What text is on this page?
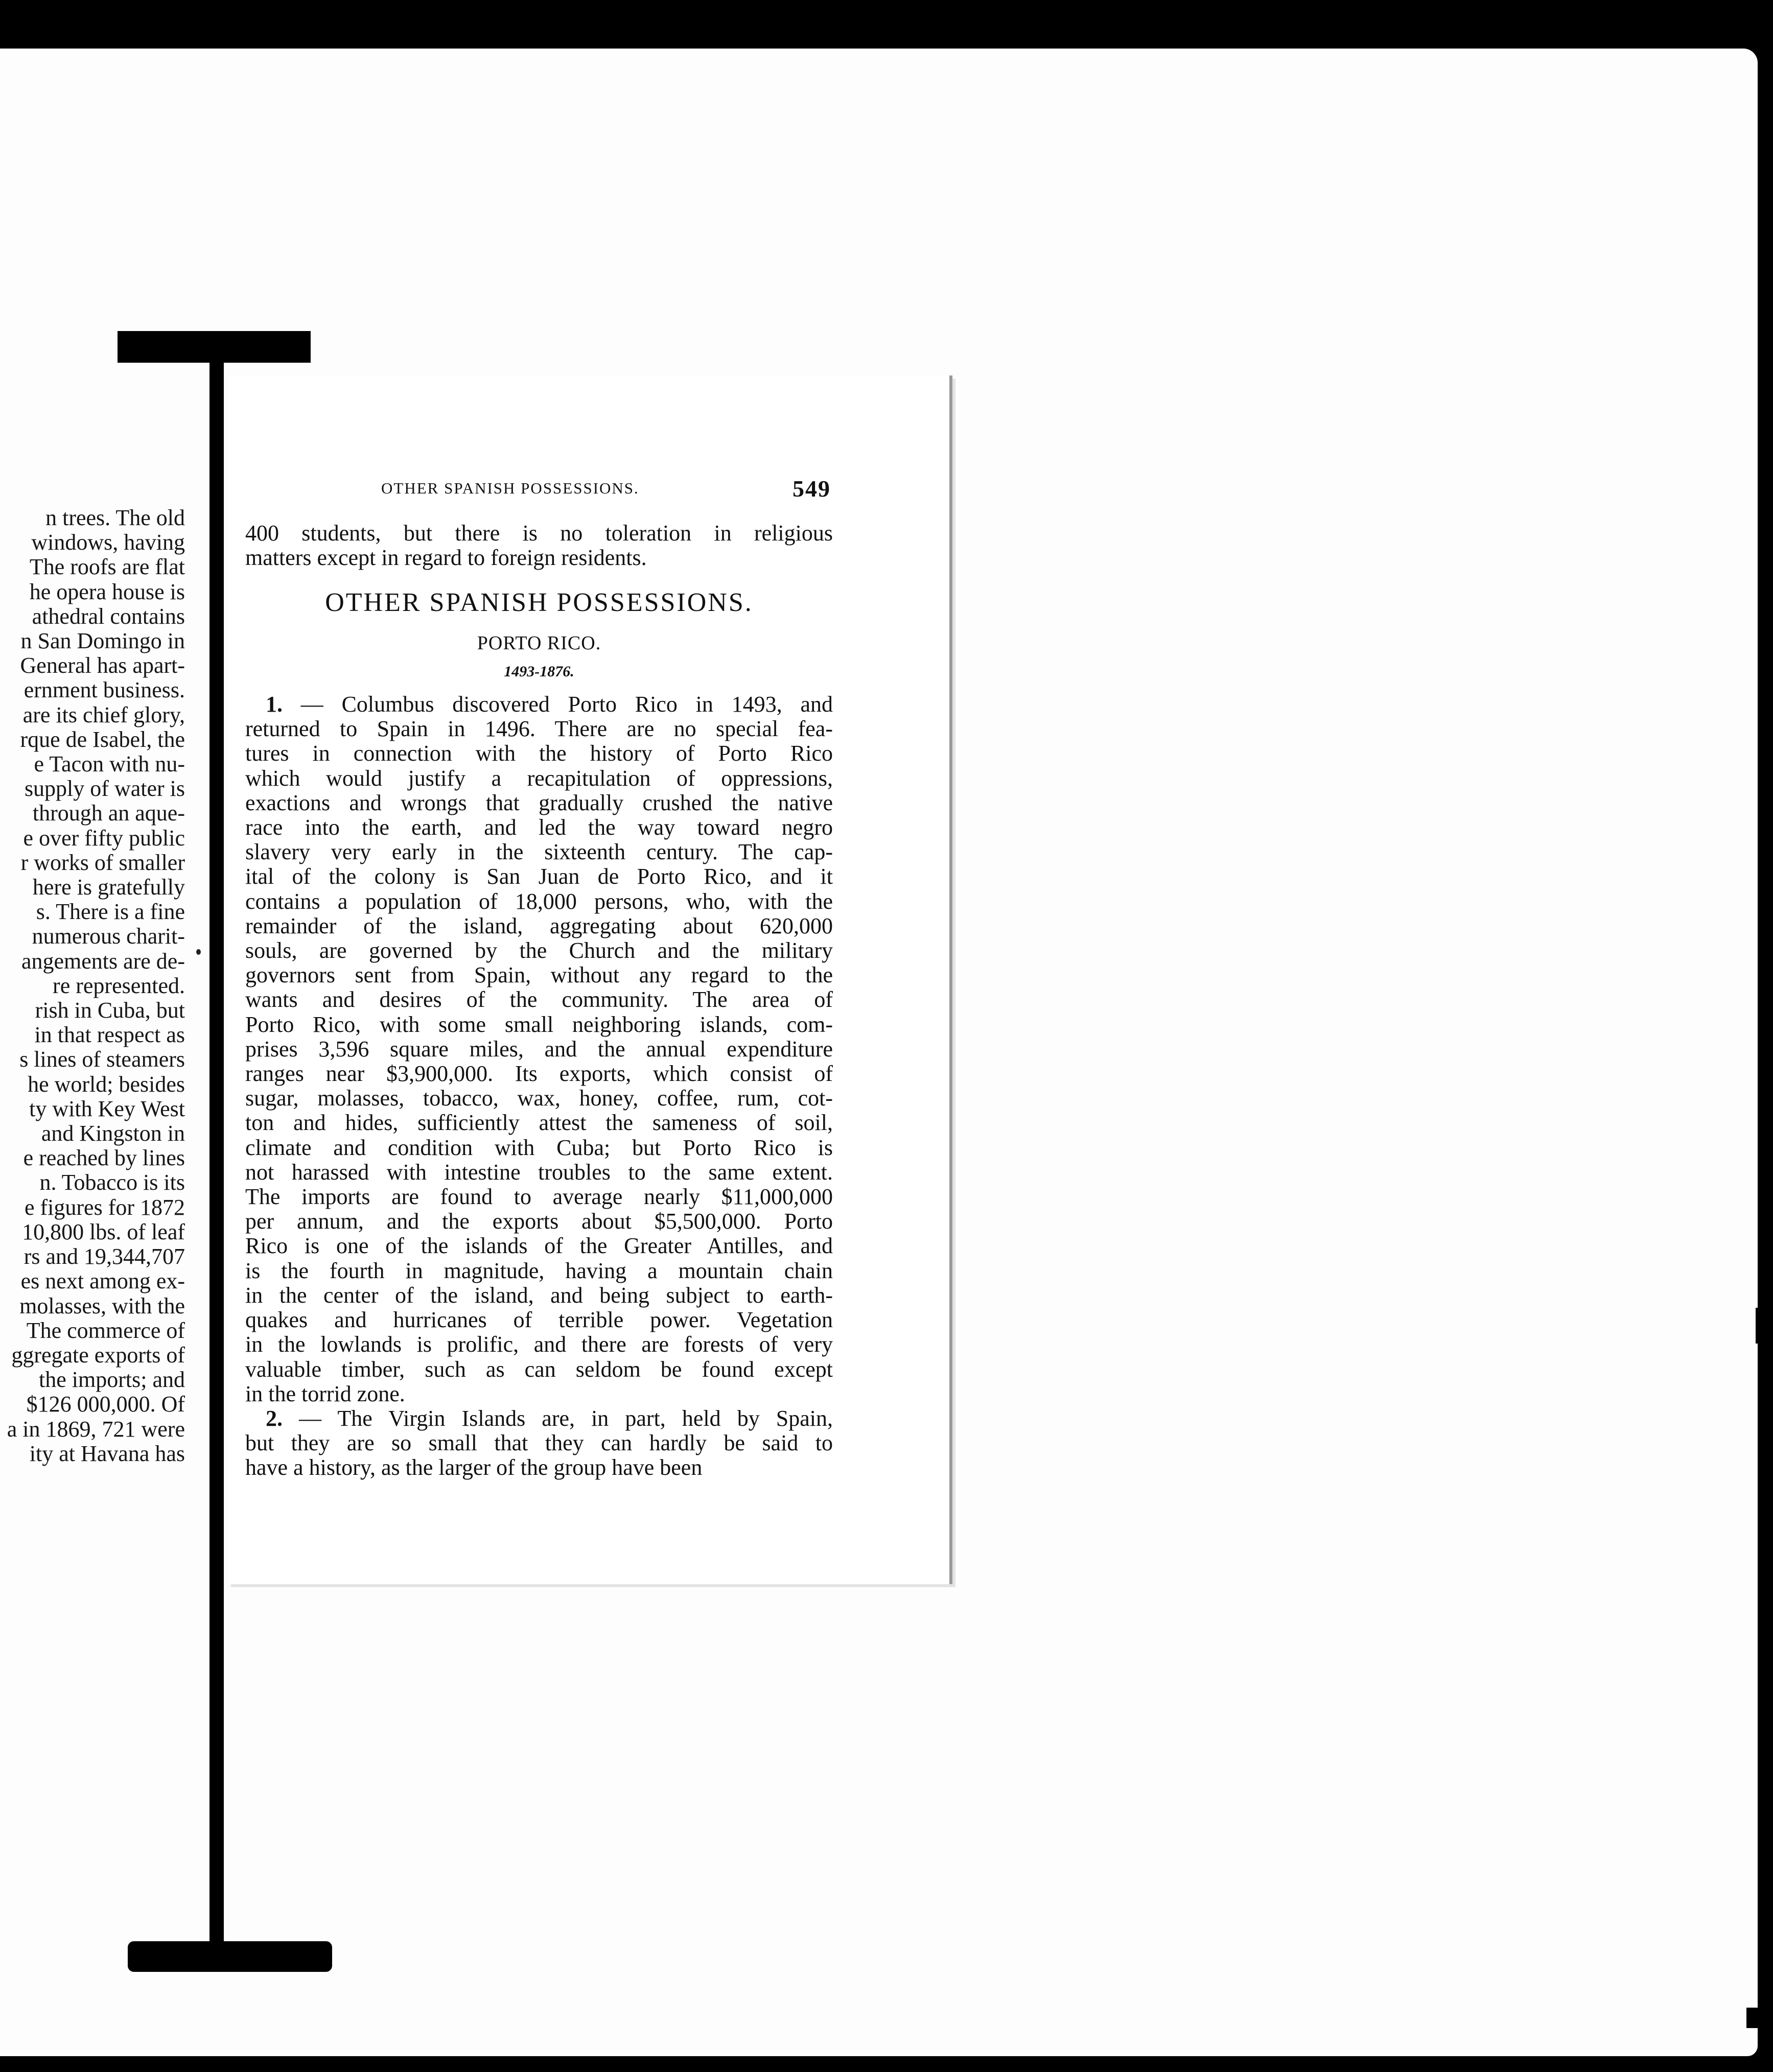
n trees. The old
windows, having
The roofs are flat
he opera house is
athedral contains
n San Domingo in
General has apart-
ernment business.
are its chief glory,
rque de Isabel, the
e Tacon with nu-
supply of water is
through an aque-
e over fifty public
r works of smaller
here is gratefully
s. There is a fine
numerous charit-
angements are de-
re represented.
rish in Cuba, but
in that respect as
s lines of steamers
he world; besides
ty with Key West
and Kingston in
e reached by lines
n. Tobacco is its
e figures for 1872
10,800 lbs. of leaf
rs and 19,344,707
es next among ex-
molasses, with the
The commerce of
ggregate exports of
the imports; and
$126 000,000. Of
a in 1869, 721 were
ity at Havana has
OTHER SPANISH POSSESSIONS.	549
400 students, but there is no toleration in religious
matters except in regard to foreign residents.
OTHER SPANISH POSSESSIONS.
PORTO RICO.
1493-1876.
1. — Columbus discovered Porto Rico in 1493, and
returned to Spain in 1496. There are no special fea-
tures in connection with the history of Porto Rico
which would justify a recapitulation of oppressions,
exactions and wrongs that gradually crushed the native
race into the earth, and led the way toward negro
slavery very early in the sixteenth century. The cap-
ital of the colony is San Juan de Porto Rico, and it
contains a population of 18,000 persons, who, with the
remainder of the island, aggregating about 620,000
souls, are governed by the Church and the military
governors sent from Spain, without any regard to the
wants and desires of the community. The area of
Porto Rico, with some small neighboring islands, com-
prises 3,596 square miles, and the annual expenditure
ranges near $3,900,000. Its exports, which consist of
sugar, molasses, tobacco, wax, honey, coffee, rum, cot-
ton and hides, sufficiently attest the sameness of soil,
climate and condition with Cuba; but Porto Rico is
not harassed with intestine troubles to the same extent.
The imports are found to average nearly $11,000,000
per annum, and the exports about $5,500,000. Porto
Rico is one of the islands of the Greater Antilles, and
is the fourth in magnitude, having a mountain chain
in the center of the island, and being subject to earth-
quakes and hurricanes of terrible power. Vegetation
in the lowlands is prolific, and there are forests of very
valuable timber, such as can seldom be found except
in the torrid zone.
2. — The Virgin Islands are, in part, held by Spain,
but they are so small that they can hardly be said to
have a history, as the larger of the group have been
